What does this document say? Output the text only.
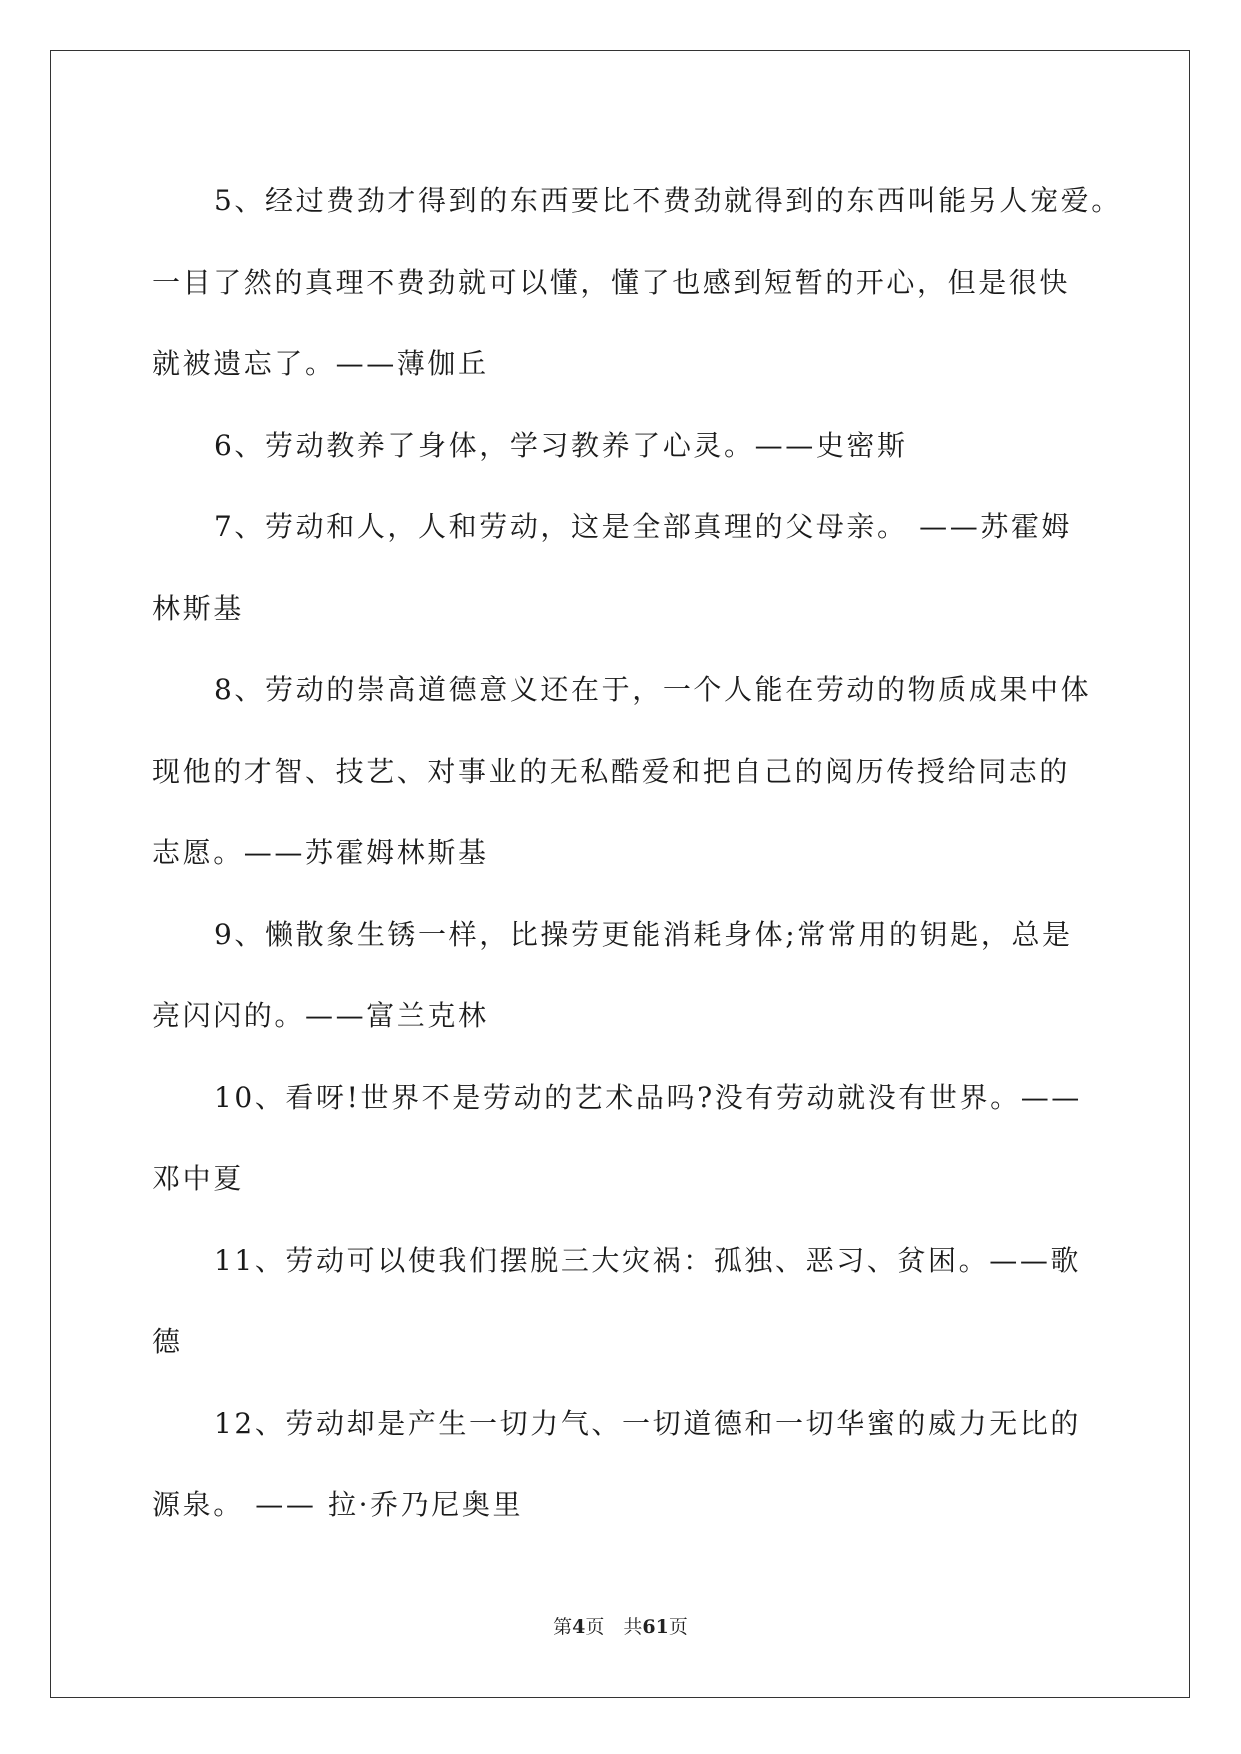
5、经过费劲才得到的东西要比不费劲就得到的东西叫能另人宠爱。
一目了然的真理不费劲就可以懂，懂了也感到短暂的开心，但是很快
就被遗忘了。——薄伽丘

6、劳动教养了身体，学习教养了心灵。——史密斯

7、劳动和人，人和劳动，这是全部真理的父母亲。 ——苏霍姆
林斯基

8、劳动的崇高道德意义还在于，一个人能在劳动的物质成果中体
现他的才智、技艺、对事业的无私酷爱和把自己的阅历传授给同志的
志愿。——苏霍姆林斯基

9、懒散象生锈一样，比操劳更能消耗身体;常常用的钥匙，总是
亮闪闪的。——富兰克林

10、看呀!世界不是劳动的艺术品吗?没有劳动就没有世界。——
邓中夏

11、劳动可以使我们摆脱三大灾祸：孤独、恶习、贫困。——歌
德

12、劳动却是产生一切力气、一切道德和一切华蜜的威力无比的
源泉。 —— 拉·乔乃尼奥里

第4页　共61页
